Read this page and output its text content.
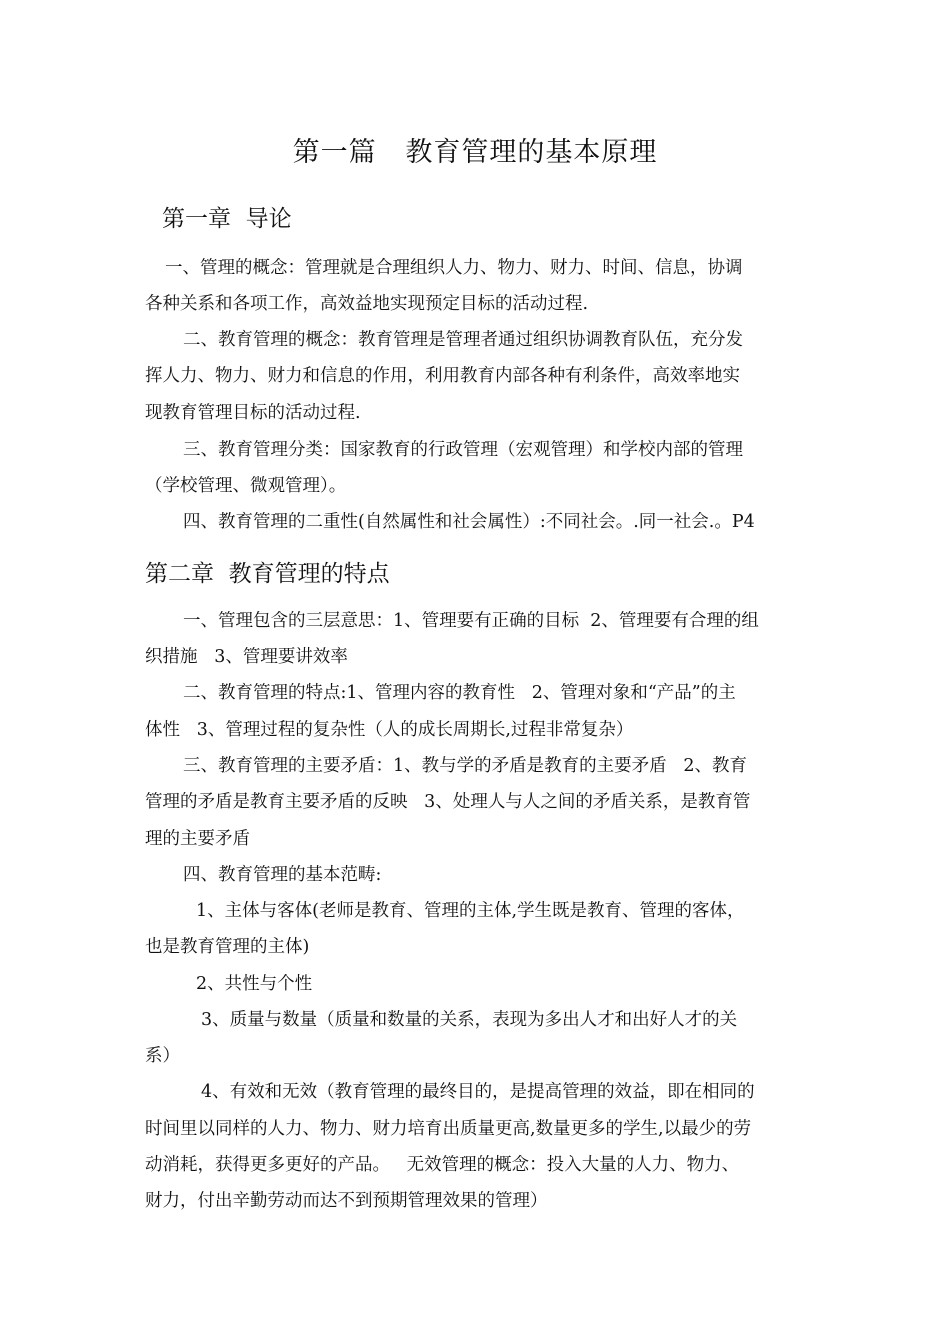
第一篇   教育管理的基本原理
第一章  导论
一、管理的概念：管理就是合理组织人力、物力、财力、时间、信息，协调
各种关系和各项工作，高效益地实现预定目标的活动过程.
二、教育管理的概念：教育管理是管理者通过组织协调教育队伍，充分发
挥人力、物力、财力和信息的作用，利用教育内部各种有利条件，高效率地实
现教育管理目标的活动过程.
三、教育管理分类：国家教育的行政管理（宏观管理）和学校内部的管理
（学校管理、微观管理）。
四、教育管理的二重性(自然属性和社会属性）:不同社会。.同一社会.。P4
第二章  教育管理的特点
一、管理包含的三层意思：1、管理要有正确的目标  2、管理要有合理的组
织措施   3、管理要讲效率
二、教育管理的特点:1、管理内容的教育性   2、管理对象和“产品”的主
体性   3、管理过程的复杂性（人的成长周期长,过程非常复杂）
三、教育管理的主要矛盾：1、教与学的矛盾是教育的主要矛盾   2、教育
管理的矛盾是教育主要矛盾的反映   3、处理人与人之间的矛盾关系，是教育管
理的主要矛盾
四、教育管理的基本范畴:
1、主体与客体(老师是教育、管理的主体,学生既是教育、管理的客体，
也是教育管理的主体)
2、共性与个性
3、质量与数量（质量和数量的关系，表现为多出人才和出好人才的关
系）
4、有效和无效（教育管理的最终目的，是提高管理的效益，即在相同的
时间里以同样的人力、物力、财力培育出质量更高,数量更多的学生,以最少的劳
动消耗，获得更多更好的产品。   无效管理的概念：投入大量的人力、物力、
财力，付出辛勤劳动而达不到预期管理效果的管理）
